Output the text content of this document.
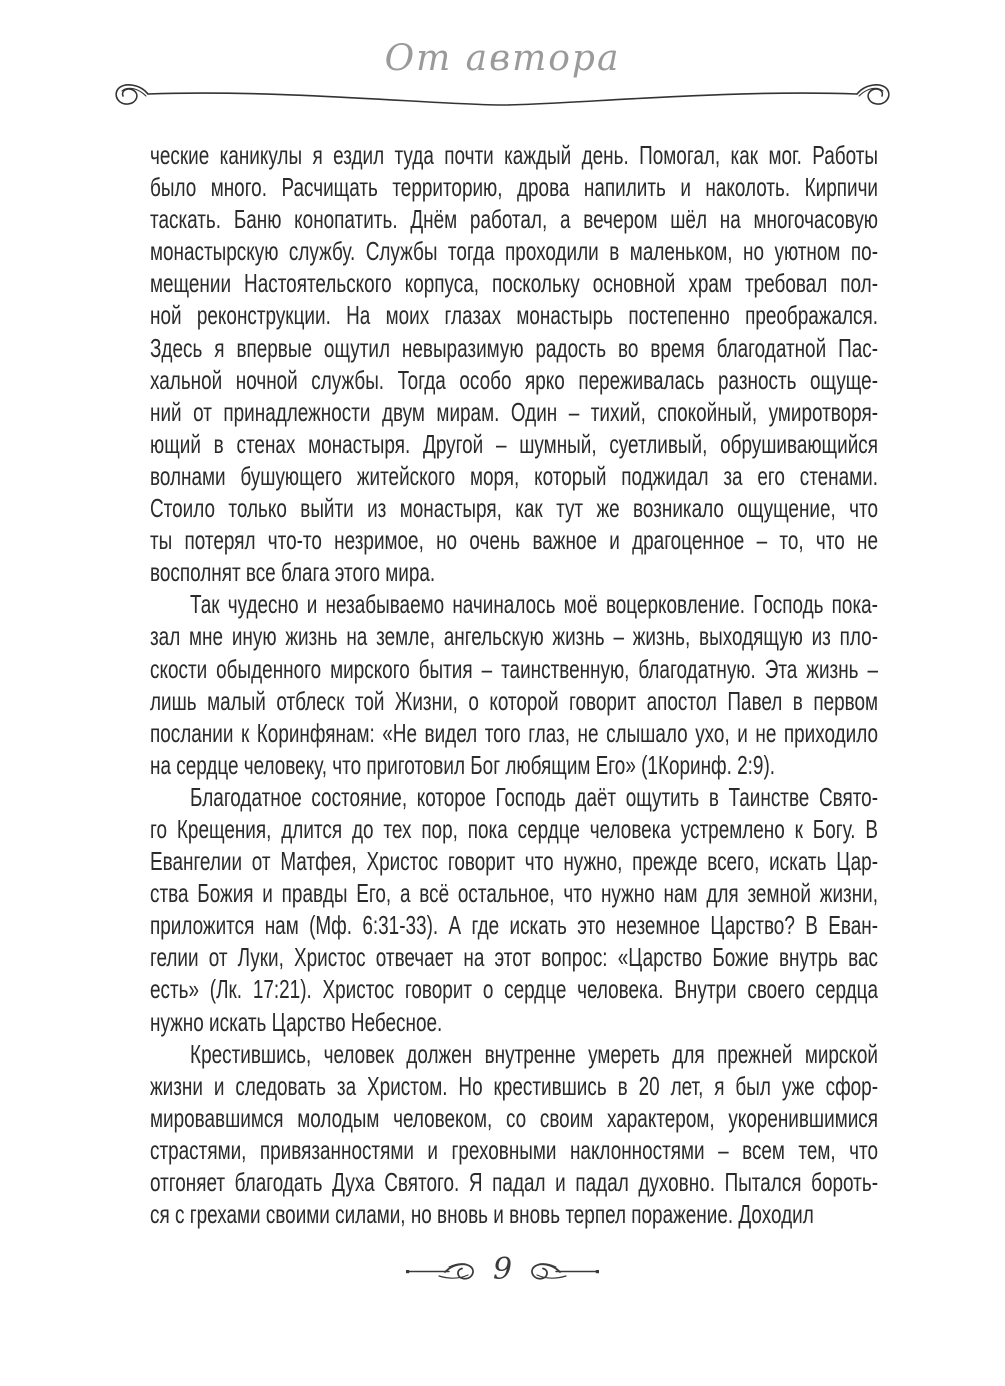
От автора
ческие каникулы я ездил туда почти каждый день. Помогал, как мог. Работы
было много. Расчищать территорию, дрова напилить и наколоть. Кирпичи
таскать. Баню конопатить. Днём работал, а вечером шёл на многочасовую
монастырскую службу. Службы тогда проходили в маленьком, но уютном по-
мещении Настоятельского корпуса, поскольку основной храм требовал пол-
ной реконструкции. На моих глазах монастырь постепенно преображался.
Здесь я впервые ощутил невыразимую радость во время благодатной Пас-
хальной ночной службы. Тогда особо ярко переживалась разность ощуще-
ний от принадлежности двум мирам. Один – тихий, спокойный, умиротворя-
ющий в стенах монастыря. Другой – шумный, суетливый, обрушивающийся
волнами бушующего житейского моря, который поджидал за его стенами.
Стоило только выйти из монастыря, как тут же возникало ощущение, что
ты потерял что-то незримое, но очень важное и драгоценное – то, что не
восполнят все блага этого мира.
Так чудесно и незабываемо начиналось моё воцерковление. Господь пока-
зал мне иную жизнь на земле, ангельскую жизнь – жизнь, выходящую из пло-
скости обыденного мирского бытия – таинственную, благодатную. Эта жизнь –
лишь малый отблеск той Жизни, о которой говорит апостол Павел в первом
послании к Коринфянам: «Не видел того глаз, не слышало ухо, и не приходило
на сердце человеку, что приготовил Бог любящим Его» (1Коринф. 2:9).
Благодатное состояние, которое Господь даёт ощутить в Таинстве Свято-
го Крещения, длится до тех пор, пока сердце человека устремлено к Богу. В
Евангелии от Матфея, Христос говорит что нужно, прежде всего, искать Цар-
ства Божия и правды Его, а всё остальное, что нужно нам для земной жизни,
приложится нам (Мф. 6:31-33). А где искать это неземное Царство? В Еван-
гелии от Луки, Христос отвечает на этот вопрос: «Царство Божие внутрь вас
есть» (Лк. 17:21). Христос говорит о сердце человека. Внутри своего сердца
нужно искать Царство Небесное.
Крестившись, человек должен внутренне умереть для прежней мирской
жизни и следовать за Христом. Но крестившись в 20 лет, я был уже сфор-
мировавшимся молодым человеком, со своим характером, укоренившимися
страстями, привязанностями и греховными наклонностями – всем тем, что
отгоняет благодать Духа Святого. Я падал и падал духовно. Пытался бороть-
ся с грехами своими силами, но вновь и вновь терпел поражение. Доходил
9
